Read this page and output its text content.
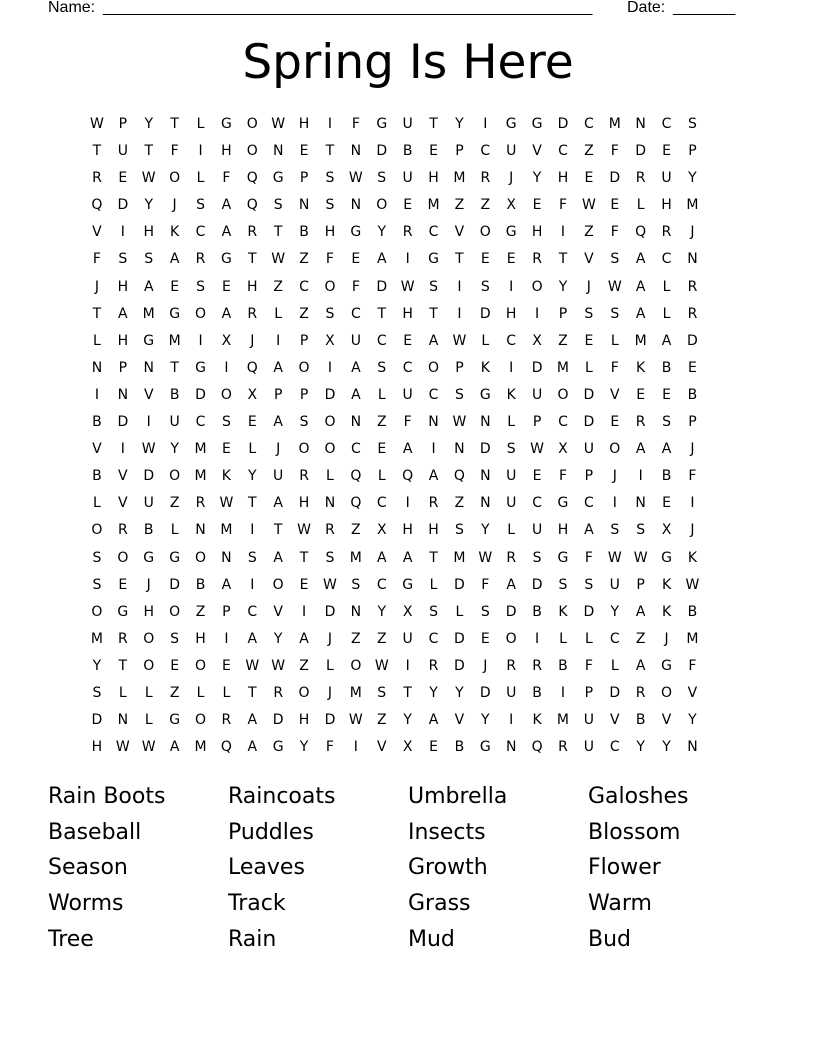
Name: _______________________________________________________ Date: _______
Spring Is Here
W	P	Y	T	L	G	O W H	I	F	G	U	T	Y	I	G	G	D	C	M	N	C	S
T	U	T	F	I	H	O	N	E	T	N	D	B	E	P	C	U	V	C	Z	F	D	E	P
R	E	W O	L	F	Q	G	P	S	W	S	U	H	M	R	J	Y	H	E	D	R	U	Y
Q	D	Y	J	S	A	Q	S	N	S	N	O	E	M	Z	Z	X	E	F	W	E	L	H	M
V	I	H	K	C	A	R	T	B	H	G	Y	R	C	V	O	G	H	I	Z	F	Q	R	J
F	S	S	A	R	G	T	W	Z	F	E	A	I	G	T	E	E	R	T	V	S	A	C	N
J	H	A	E	S	E	H	Z	C	O	F	D W	S	I	S	I	O	Y	J	W	A	L	R
T	A	M	G	O	A	R	L	Z	S	C	T	H	T	I	D	H	I	P	S	S	A	L	R
L	H	G	M	I	X	J	I	P	X	U	C	E	A	W	L	C	X	Z	E	L	M	A	D
N	P	N	T	G	I	Q	A	O	I	A	S	C	O	P	K	I	D	M	L	F	K	B	E
I	N	V	B	D	O	X	P	P	D	A	L	U	C	S	G	K	U	O	D	V	E	E	B
B	D	I	U	C	S	E	A	S	O	N	Z	F	N W N	L	P	C	D	E	R	S	P
V	I	W	Y	M	E	L	J	O	O	C	E	A	I	N	D	S	W	X	U	O	A	A	J
B	V	D	O	M	K	Y	U	R	L	Q	L	Q	A	Q	N	U	E	F	P	J	I	B	F
L	V	U	Z	R	W	T	A	H	N	Q	C	I	R	Z	N	U	C	G	C	I	N	E	I
O	R	B	L	N	M	I	T	W	R	Z	X	H	H	S	Y	L	U	H	A	S	S	X	J
S	O	G	G	O	N	S	A	T	S	M	A	A	T	M W	R	S	G	F	W W G	K
S	E	J	D	B	A	I	O	E	W	S	C	G	L	D	F	A	D	S	S	U	P	K	W
O	G	H	O	Z	P	C	V	I	D	N	Y	X	S	L	S	D	B	K	D	Y	A	K	B
M	R	O	S	H	I	A	Y	A	J	Z	Z	U	C	D	E	O	I	L	L	C	Z	J	M
Y	T	O	E	O	E	W W	Z	L	O W	I	R	D	J	R	R	B	F	L	A	G	F
S	L	L	Z	L	L	T	R	O	J	M	S	T	Y	Y	D	U	B	I	P	D	R	O	V
D	N	L	G	O	R	A	D	H	D W	Z	Y	A	V	Y	I	K	M	U	V	B	V	Y
H W W	A	M	Q	A	G	Y	F	I	V	X	E	B	G	N	Q	R	U	C	Y	Y	N
Rain Boots	Raincoats	Umbrella	Galoshes
Baseball	Puddles	Insects	Blossom
Season	Leaves	Growth	Flower
Worms	Track	Grass	Warm
Tree	Rain	Mud	Bud
